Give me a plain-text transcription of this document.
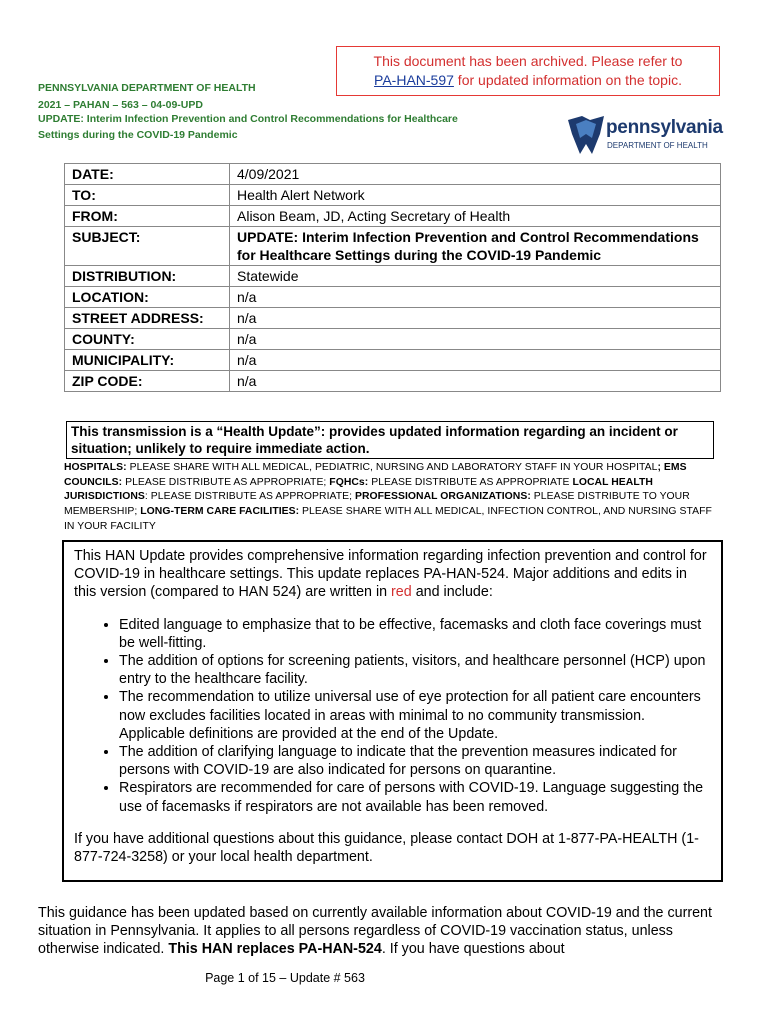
This document has been archived. Please refer to
PA-HAN-597 for updated information on the topic.
PENNSYLVANIA DEPARTMENT OF HEALTH
2021 – PAHAN – 563 – 04-09-UPD
UPDATE: Interim Infection Prevention and Control Recommendations for Healthcare
Settings during the COVID-19 Pandemic	pennsylvania
DEPARTMENT OF HEALTH
DATE:	4/09/2021
TO:	Health Alert Network
FROM:	Alison Beam, JD, Acting Secretary of Health
SUBJECT:	UPDATE: Interim Infection Prevention and Control Recommendations for Healthcare Settings during the COVID-19 Pandemic
DISTRIBUTION:	Statewide
LOCATION:	n/a
STREET ADDRESS:	n/a
COUNTY:	n/a
MUNICIPALITY:	n/a
ZIP CODE:	n/a
This transmission is a “Health Update”: provides updated information regarding an incident or situation; unlikely to require immediate action.
HOSPITALS: PLEASE SHARE WITH ALL MEDICAL, PEDIATRIC, NURSING AND LABORATORY STAFF IN YOUR HOSPITAL; EMS COUNCILS: PLEASE DISTRIBUTE AS APPROPRIATE; FQHCs: PLEASE DISTRIBUTE AS APPROPRIATE LOCAL HEALTH JURISDICTIONS: PLEASE DISTRIBUTE AS APPROPRIATE; PROFESSIONAL ORGANIZATIONS: PLEASE DISTRIBUTE TO YOUR MEMBERSHIP; LONG-TERM CARE FACILITIES: PLEASE SHARE WITH ALL MEDICAL, INFECTION CONTROL, AND NURSING STAFF IN YOUR FACILITY
This HAN Update provides comprehensive information regarding infection prevention and control for COVID-19 in healthcare settings. This update replaces PA-HAN-524. Major additions and edits in this version (compared to HAN 524) are written in red and include:
• Edited language to emphasize that to be effective, facemasks and cloth face coverings must be well-fitting.
• The addition of options for screening patients, visitors, and healthcare personnel (HCP) upon entry to the healthcare facility.
• The recommendation to utilize universal use of eye protection for all patient care encounters now excludes facilities located in areas with minimal to no community transmission. Applicable definitions are provided at the end of the Update.
• The addition of clarifying language to indicate that the prevention measures indicated for persons with COVID-19 are also indicated for persons on quarantine.
• Respirators are recommended for care of persons with COVID-19. Language suggesting the use of facemasks if respirators are not available has been removed.
If you have additional questions about this guidance, please contact DOH at 1-877-PA-HEALTH (1-877-724-3258) or your local health department.
This guidance has been updated based on currently available information about COVID-19 and the current situation in Pennsylvania. It applies to all persons regardless of COVID-19 vaccination status, unless otherwise indicated. This HAN replaces PA-HAN-524. If you have questions about
Page 1 of 15 – Update # 563
